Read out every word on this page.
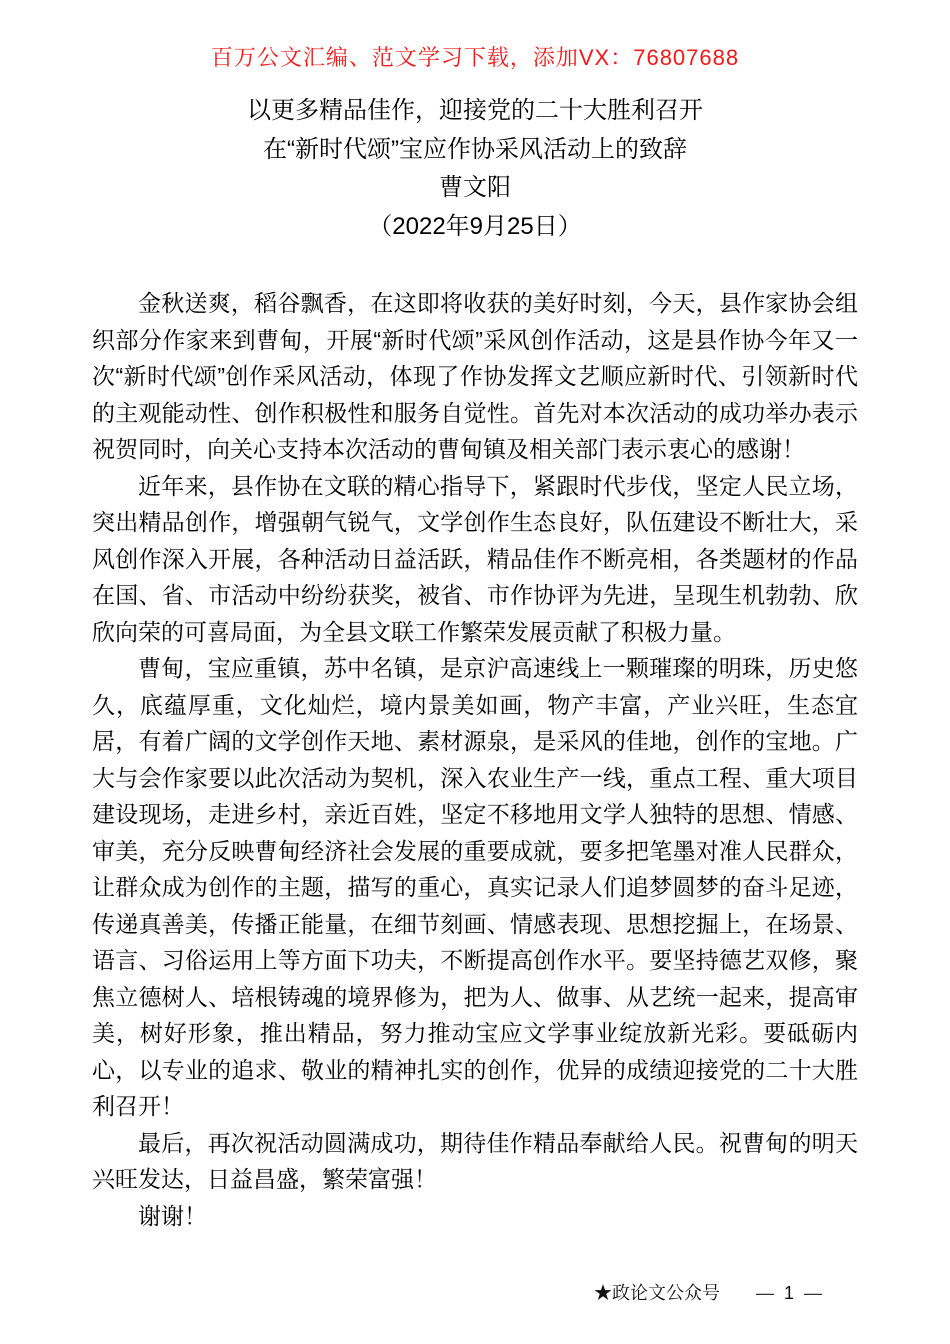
百万公文汇编、范文学习下载，添加VX：76807688
以更多精品佳作，迎接党的二十大胜利召开
在“新时代颂”宝应作协采风活动上的致辞
曹文阳
（2022年9月25日）

金秋送爽，稻谷飘香，在这即将收获的美好时刻，今天，县作家协会组织部分作家来到曹甸，开展“新时代颂”采风创作活动，这是县作协今年又一次“新时代颂”创作采风活动，体现了作协发挥文艺顺应新时代、引领新时代的主观能动性、创作积极性和服务自觉性。首先对本次活动的成功举办表示祝贺同时，向关心支持本次活动的曹甸镇及相关部门表示衷心的感谢！

近年来，县作协在文联的精心指导下，紧跟时代步伐，坚定人民立场，突出精品创作，增强朝气锐气，文学创作生态良好，队伍建设不断壮大，采风创作深入开展，各种活动日益活跃，精品佳作不断亮相，各类题材的作品在国、省、市活动中纷纷获奖，被省、市作协评为先进，呈现生机勃勃、欣欣向荣的可喜局面，为全县文联工作繁荣发展贡献了积极力量。

曹甸，宝应重镇，苏中名镇，是京沪高速线上一颗璀璨的明珠，历史悠久，底蕴厚重，文化灿烂，境内景美如画，物产丰富，产业兴旺，生态宜居，有着广阔的文学创作天地、素材源泉，是采风的佳地，创作的宝地。广大与会作家要以此次活动为契机，深入农业生产一线，重点工程、重大项目建设现场，走进乡村，亲近百姓，坚定不移地用文学人独特的思想、情感、审美，充分反映曹甸经济社会发展的重要成就，要多把笔墨对准人民群众，让群众成为创作的主题，描写的重心，真实记录人们追梦圆梦的奋斗足迹，传递真善美，传播正能量，在细节刻画、情感表现、思想挖掘上，在场景、语言、习俗运用上等方面下功夫，不断提高创作水平。要坚持德艺双修，聚焦立德树人、培根铸魂的境界修为，把为人、做事、从艺统一起来，提高审美，树好形象，推出精品，努力推动宝应文学事业绽放新光彩。要砥砺内心，以专业的追求、敬业的精神扎实的创作，优异的成绩迎接党的二十大胜利召开！

最后，再次祝活动圆满成功，期待佳作精品奉献给人民。祝曹甸的明天兴旺发达，日益昌盛，繁荣富强！

谢谢！

★政论文公众号 — 1 —
